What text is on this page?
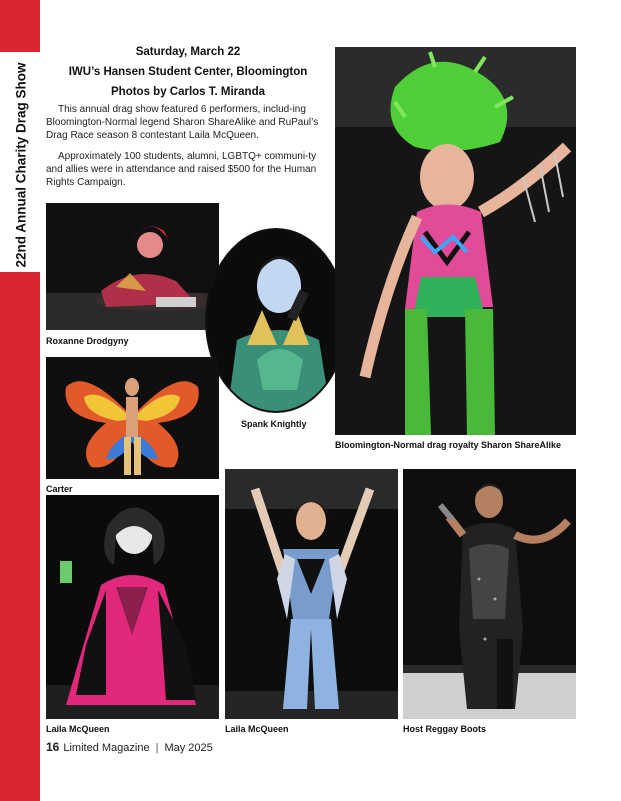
22nd Annual Charity Drag Show
Saturday, March 22
IWU’s Hansen Student Center, Bloomington
Photos by Carlos T. Miranda
This annual drag show featured 6 performers, includ-ing Bloomington-Normal legend Sharon ShareAlike and RuPaul’s Drag Race season 8 contestant Laila McQueen.
Approximately 100 students, alumni, LGBTQ+ communi-ty and allies were in attendance and raised $500 for the Human Rights Campaign.
Roxanne Drodgyny
Spank Knightly
Bloomington-Normal drag royalty Sharon ShareAlike
Carter
Laila McQueen	Laila McQueen	Host Reggay Boots
16 Limited Magazine | May 2025
